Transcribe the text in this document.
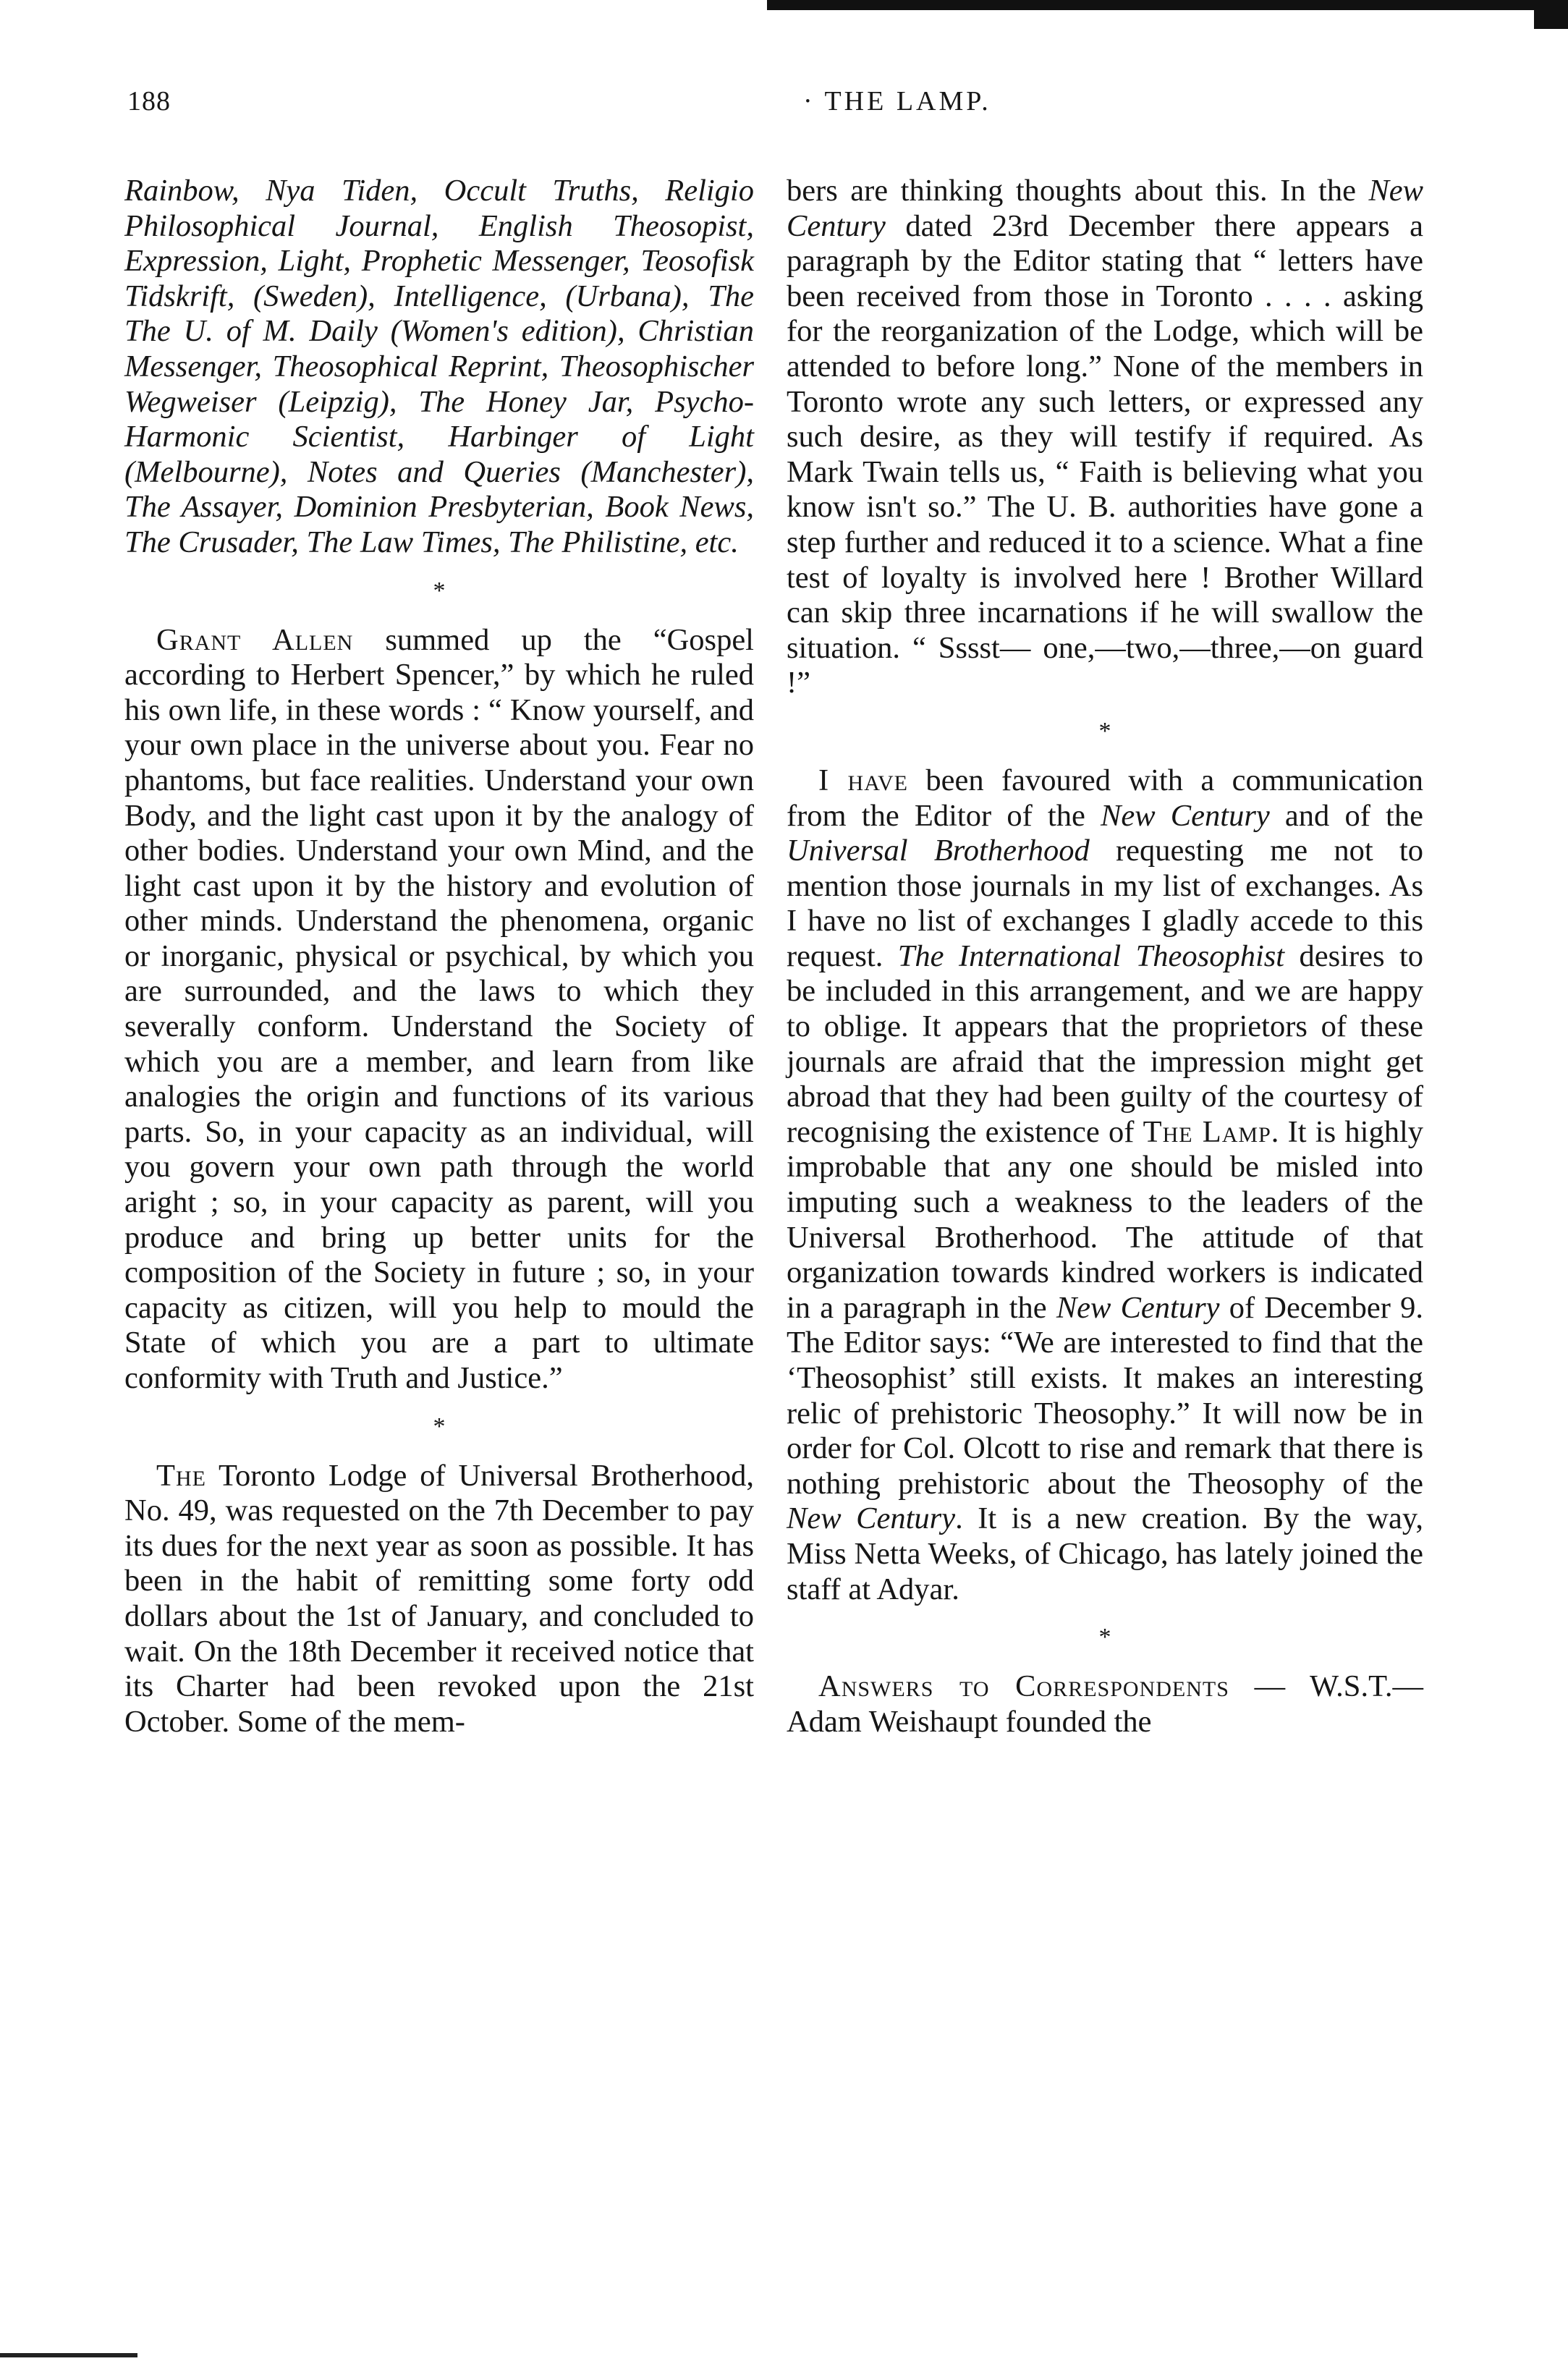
188	· THE LAMP.

Rainbow, Nya Tiden, Occult Truths, Religio Philosophical Journal, English Theosopist, Expression, Light, Prophetic Messenger, Teosofisk Tidskrift, (Sweden), Intelligence, (Urbana), The The U. of M. Daily (Women's edition), Christian Messenger, Theosophical Reprint, Theosophischer Wegweiser (Leipzig), The Honey Jar, Psycho-Harmonic Scientist, Harbinger of Light (Melbourne), Notes and Queries (Manchester), The Assayer, Dominion Presbyterian, Book News, The Crusader, The Law Times, The Philistine, etc.

*

Grant Allen summed up the “Gospel according to Herbert Spencer,” by which he ruled his own life, in these words : “ Know yourself, and your own place in the universe about you. Fear no phantoms, but face realities. Understand your own Body, and the light cast upon it by the analogy of other bodies. Understand your own Mind, and the light cast upon it by the history and evolution of other minds. Understand the phenomena, organic or inorganic, physical or psychical, by which you are surrounded, and the laws to which they severally conform. Understand the Society of which you are a member, and learn from like analogies the origin and functions of its various parts. So, in your capacity as an individual, will you govern your own path through the world aright ; so, in your capacity as parent, will you produce and bring up better units for the composition of the Society in future ; so, in your capacity as citizen, will you help to mould the State of which you are a part to ultimate conformity with Truth and Justice.”

*

The Toronto Lodge of Universal Brotherhood, No. 49, was requested on the 7th December to pay its dues for the next year as soon as possible. It has been in the habit of remitting some forty odd dollars about the 1st of January, and concluded to wait. On the 18th December it received notice that its Charter had been revoked upon the 21st October. Some of the mem-

bers are thinking thoughts about this. In the New Century dated 23rd December there appears a paragraph by the Editor stating that “ letters have been received from those in Toronto . . . . asking for the reorganization of the Lodge, which will be attended to before long.” None of the members in Toronto wrote any such letters, or expressed any such desire, as they will testify if required. As Mark Twain tells us, “ Faith is believing what you know isn't so.” The U. B. authorities have gone a step further and reduced it to a science. What a fine test of loyalty is involved here ! Brother Willard can skip three incarnations if he will swallow the situation. “ Sssst— one,—two,—three,—on guard !”

*

I have been favoured with a communication from the Editor of the New Century and of the Universal Brotherhood requesting me not to mention those journals in my list of exchanges. As I have no list of exchanges I gladly accede to this request. The International Theosophist desires to be included in this arrangement, and we are happy to oblige. It appears that the proprietors of these journals are afraid that the impression might get abroad that they had been guilty of the courtesy of recognising the existence of The Lamp. It is highly improbable that any one should be misled into imputing such a weakness to the leaders of the Universal Brotherhood. The attitude of that organization towards kindred workers is indicated in a paragraph in the New Century of December 9. The Editor says: “We are interested to find that the ‘Theosophist’ still exists. It makes an interesting relic of prehistoric Theosophy.” It will now be in order for Col. Olcott to rise and remark that there is nothing prehistoric about the Theosophy of the New Century. It is a new creation. By the way, Miss Netta Weeks, of Chicago, has lately joined the staff at Adyar.

*

Answers to Correspondents — W.S.T.—Adam Weishaupt founded the
